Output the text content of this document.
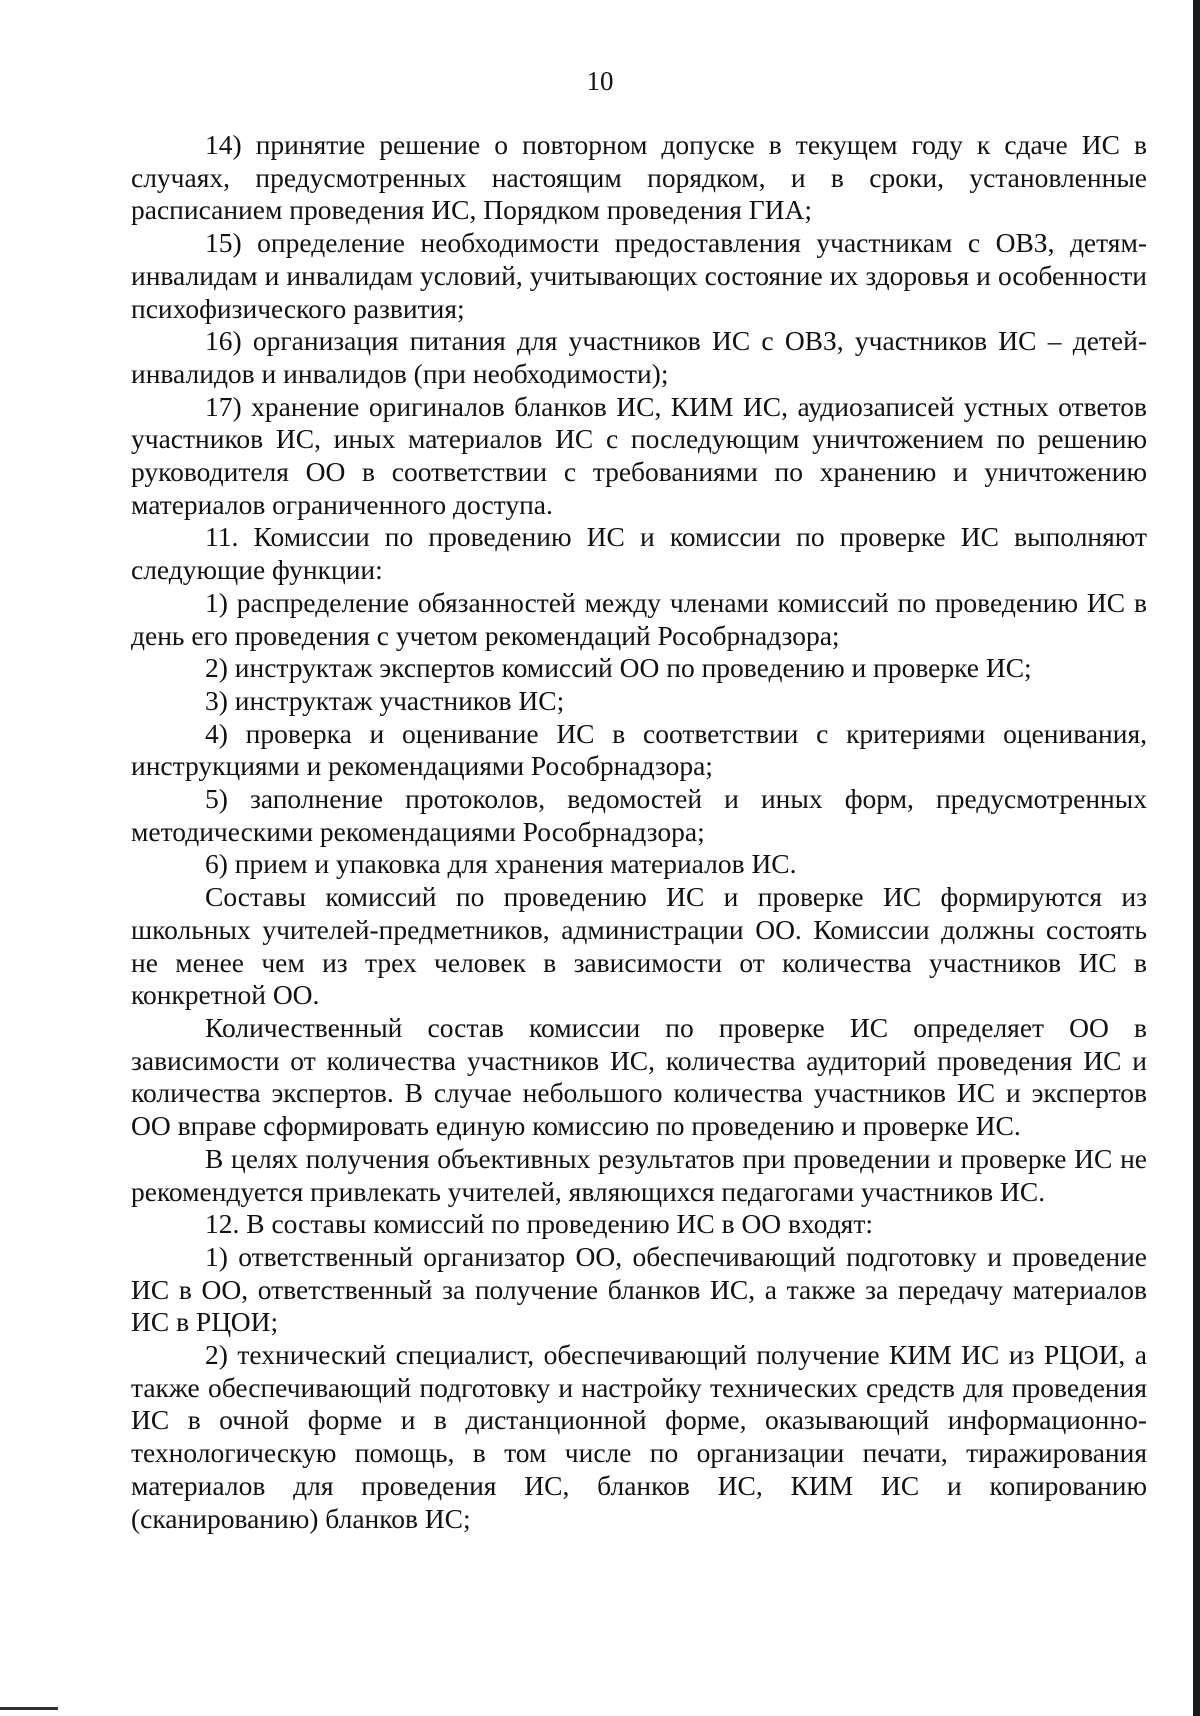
10

14) принятие решение о повторном допуске в текущем году к сдаче ИС в случаях, предусмотренных настоящим порядком, и в сроки, установленные расписанием проведения ИС, Порядком проведения ГИА;

15) определение необходимости предоставления участникам с ОВЗ, детям-инвалидам и инвалидам условий, учитывающих состояние их здоровья и особенности психофизического развития;

16) организация питания для участников ИС с ОВЗ, участников ИС – детей-инвалидов и инвалидов (при необходимости);

17) хранение оригиналов бланков ИС, КИМ ИС, аудиозаписей устных ответов участников ИС, иных материалов ИС с последующим уничтожением по решению руководителя ОО в соответствии с требованиями по хранению и уничтожению материалов ограниченного доступа.

11. Комиссии по проведению ИС и комиссии по проверке ИС выполняют следующие функции:

1) распределение обязанностей между членами комиссий по проведению ИС в день его проведения с учетом рекомендаций Рособрнадзора;

2) инструктаж экспертов комиссий ОО по проведению и проверке ИС;

3) инструктаж участников ИС;

4) проверка и оценивание ИС в соответствии с критериями оценивания, инструкциями и рекомендациями Рособрнадзора;

5) заполнение протоколов, ведомостей и иных форм, предусмотренных методическими рекомендациями Рособрнадзора;

6) прием и упаковка для хранения материалов ИС.

Составы комиссий по проведению ИС и проверке ИС формируются из школьных учителей-предметников, администрации ОО. Комиссии должны состоять не менее чем из трех человек в зависимости от количества участников ИС в конкретной ОО.

Количественный состав комиссии по проверке ИС определяет ОО в зависимости от количества участников ИС, количества аудиторий проведения ИС и количества экспертов. В случае небольшого количества участников ИС и экспертов ОО вправе сформировать единую комиссию по проведению и проверке ИС.

В целях получения объективных результатов при проведении и проверке ИС не рекомендуется привлекать учителей, являющихся педагогами участников ИС.

12. В составы комиссий по проведению ИС в ОО входят:

1) ответственный организатор ОО, обеспечивающий подготовку и проведение ИС в ОО, ответственный за получение бланков ИС, а также за передачу материалов ИС в РЦОИ;

2) технический специалист, обеспечивающий получение КИМ ИС из РЦОИ, а также обеспечивающий подготовку и настройку технических средств для проведения ИС в очной форме и в дистанционной форме, оказывающий информационно-технологическую помощь, в том числе по организации печати, тиражирования материалов для проведения ИС, бланков ИС, КИМ ИС и копированию (сканированию) бланков ИС;
